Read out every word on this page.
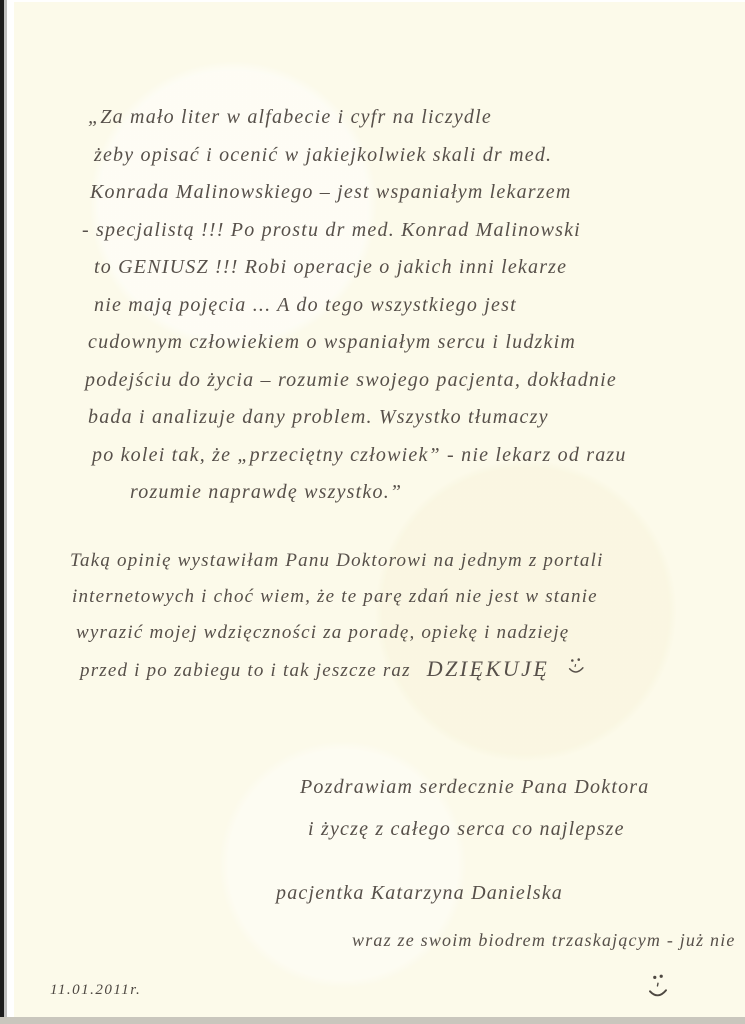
„Za mało liter w alfabecie i cyfr na liczydle
żeby opisać i ocenić w jakiejkolwiek skali dr med.
Konrada Malinowskiego – jest wspaniałym lekarzem
- specjalistą !!! Po prostu dr med. Konrad Malinowski
to GENIUSZ !!! Robi operacje o jakich inni lekarze
nie mają pojęcia ... A do tego wszystkiego jest
cudownym człowiekiem o wspaniałym sercu i ludzkim
podejściu do życia – rozumie swojego pacjenta, dokładnie
bada i analizuje dany problem. Wszystko tłumaczy
po kolei tak, że „przeciętny człowiek” - nie lekarz od razu
rozumie naprawdę wszystko.”
Taką opinię wystawiłam Panu Doktorowi na jednym z portali
internetowych i choć wiem, że te parę zdań nie jest w stanie
wyrazić mojej wdzięczności za poradę, opiekę i nadzieję
przed i po zabiegu to i tak jeszcze raz DZIĘKUJĘ
Pozdrawiam serdecznie Pana Doktora
i życzę z całego serca co najlepsze
pacjentka Katarzyna Danielska
wraz ze swoim biodrem trzaskającym - już nie
11.01.2011r.
